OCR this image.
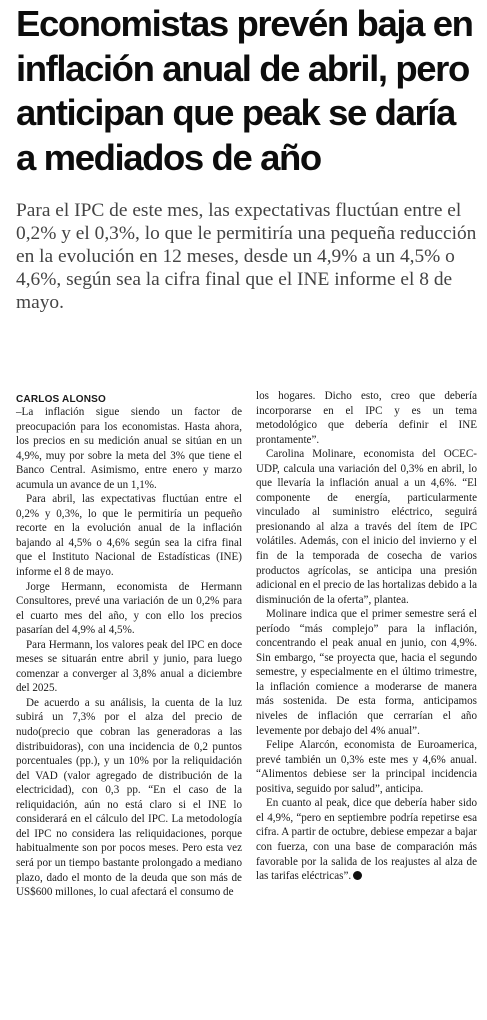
Economistas prevén baja en inflación anual de abril, pero anticipan que peak se daría a mediados de año

Para el IPC de este mes, las expectativas fluctúan entre el 0,2% y el 0,3%, lo que le permitiría una pequeña reducción en la evolución en 12 meses, desde un 4,9% a un 4,5% o 4,6%, según sea la cifra final que el INE informe el 8 de mayo.

CARLOS ALONSO

–La inflación sigue siendo un factor de preocupación para los economistas. Hasta ahora, los precios en su medición anual se sitúan en un 4,9%, muy por sobre la meta del 3% que tiene el Banco Central. Asimismo, entre enero y marzo acumula un avance de un 1,1%.

Para abril, las expectativas fluctúan entre el 0,2% y 0,3%, lo que le permitiría un pequeño recorte en la evolución anual de la inflación bajando al 4,5% o 4,6% según sea la cifra final que el Instituto Nacional de Estadísticas (INE) informe el 8 de mayo.

Jorge Hermann, economista de Hermann Consultores, prevé una variación de un 0,2% para el cuarto mes del año, y con ello los precios pasarían del 4,9% al 4,5%.

Para Hermann, los valores peak del IPC en doce meses se situarán entre abril y junio, para luego comenzar a converger al 3,8% anual a diciembre del 2025.

De acuerdo a su análisis, la cuenta de la luz subirá un 7,3% por el alza del precio de nudo(precio que cobran las generadoras a las distribuidoras), con una incidencia de 0,2 puntos porcentuales (pp.), y un 10% por la reliquidación del VAD (valor agregado de distribución de la electricidad), con 0,3 pp. “En el caso de la reliquidación, aún no está claro si el INE lo considerará en el cálculo del IPC. La metodología del IPC no considera las reliquidaciones, porque habitualmente son por pocos meses. Pero esta vez será por un tiempo bastante prolongado a mediano plazo, dado el monto de la deuda que son más de US$600 millones, lo cual afectará el consumo de

los hogares. Dicho esto, creo que debería incorporarse en el IPC y es un tema metodológico que debería definir el INE prontamente”.

Carolina Molinare, economista del OCEC-UDP, calcula una variación del 0,3% en abril, lo que llevaría la inflación anual a un 4,6%. “El componente de energía, particularmente vinculado al suministro eléctrico, seguirá presionando al alza a través del ítem de IPC volátiles. Además, con el inicio del invierno y el fin de la temporada de cosecha de varios productos agrícolas, se anticipa una presión adicional en el precio de las hortalizas debido a la disminución de la oferta”, plantea.

Molinare indica que el primer semestre será el período “más complejo” para la inflación, concentrando el peak anual en junio, con 4,9%. Sin embargo, “se proyecta que, hacia el segundo semestre, y especialmente en el último trimestre, la inflación comience a moderarse de manera más sostenida. De esta forma, anticipamos niveles de inflación que cerrarían el año levemente por debajo del 4% anual”.

Felipe Alarcón, economista de Euroamerica, prevé también un 0,3% este mes y 4,6% anual. “Alimentos debiese ser la principal incidencia positiva, seguido por salud”, anticipa.

En cuanto al peak, dice que debería haber sido el 4,9%, “pero en septiembre podría repetirse esa cifra. A partir de octubre, debiese empezar a bajar con fuerza, con una base de comparación más favorable por la salida de los reajustes al alza de las tarifas eléctricas”.
